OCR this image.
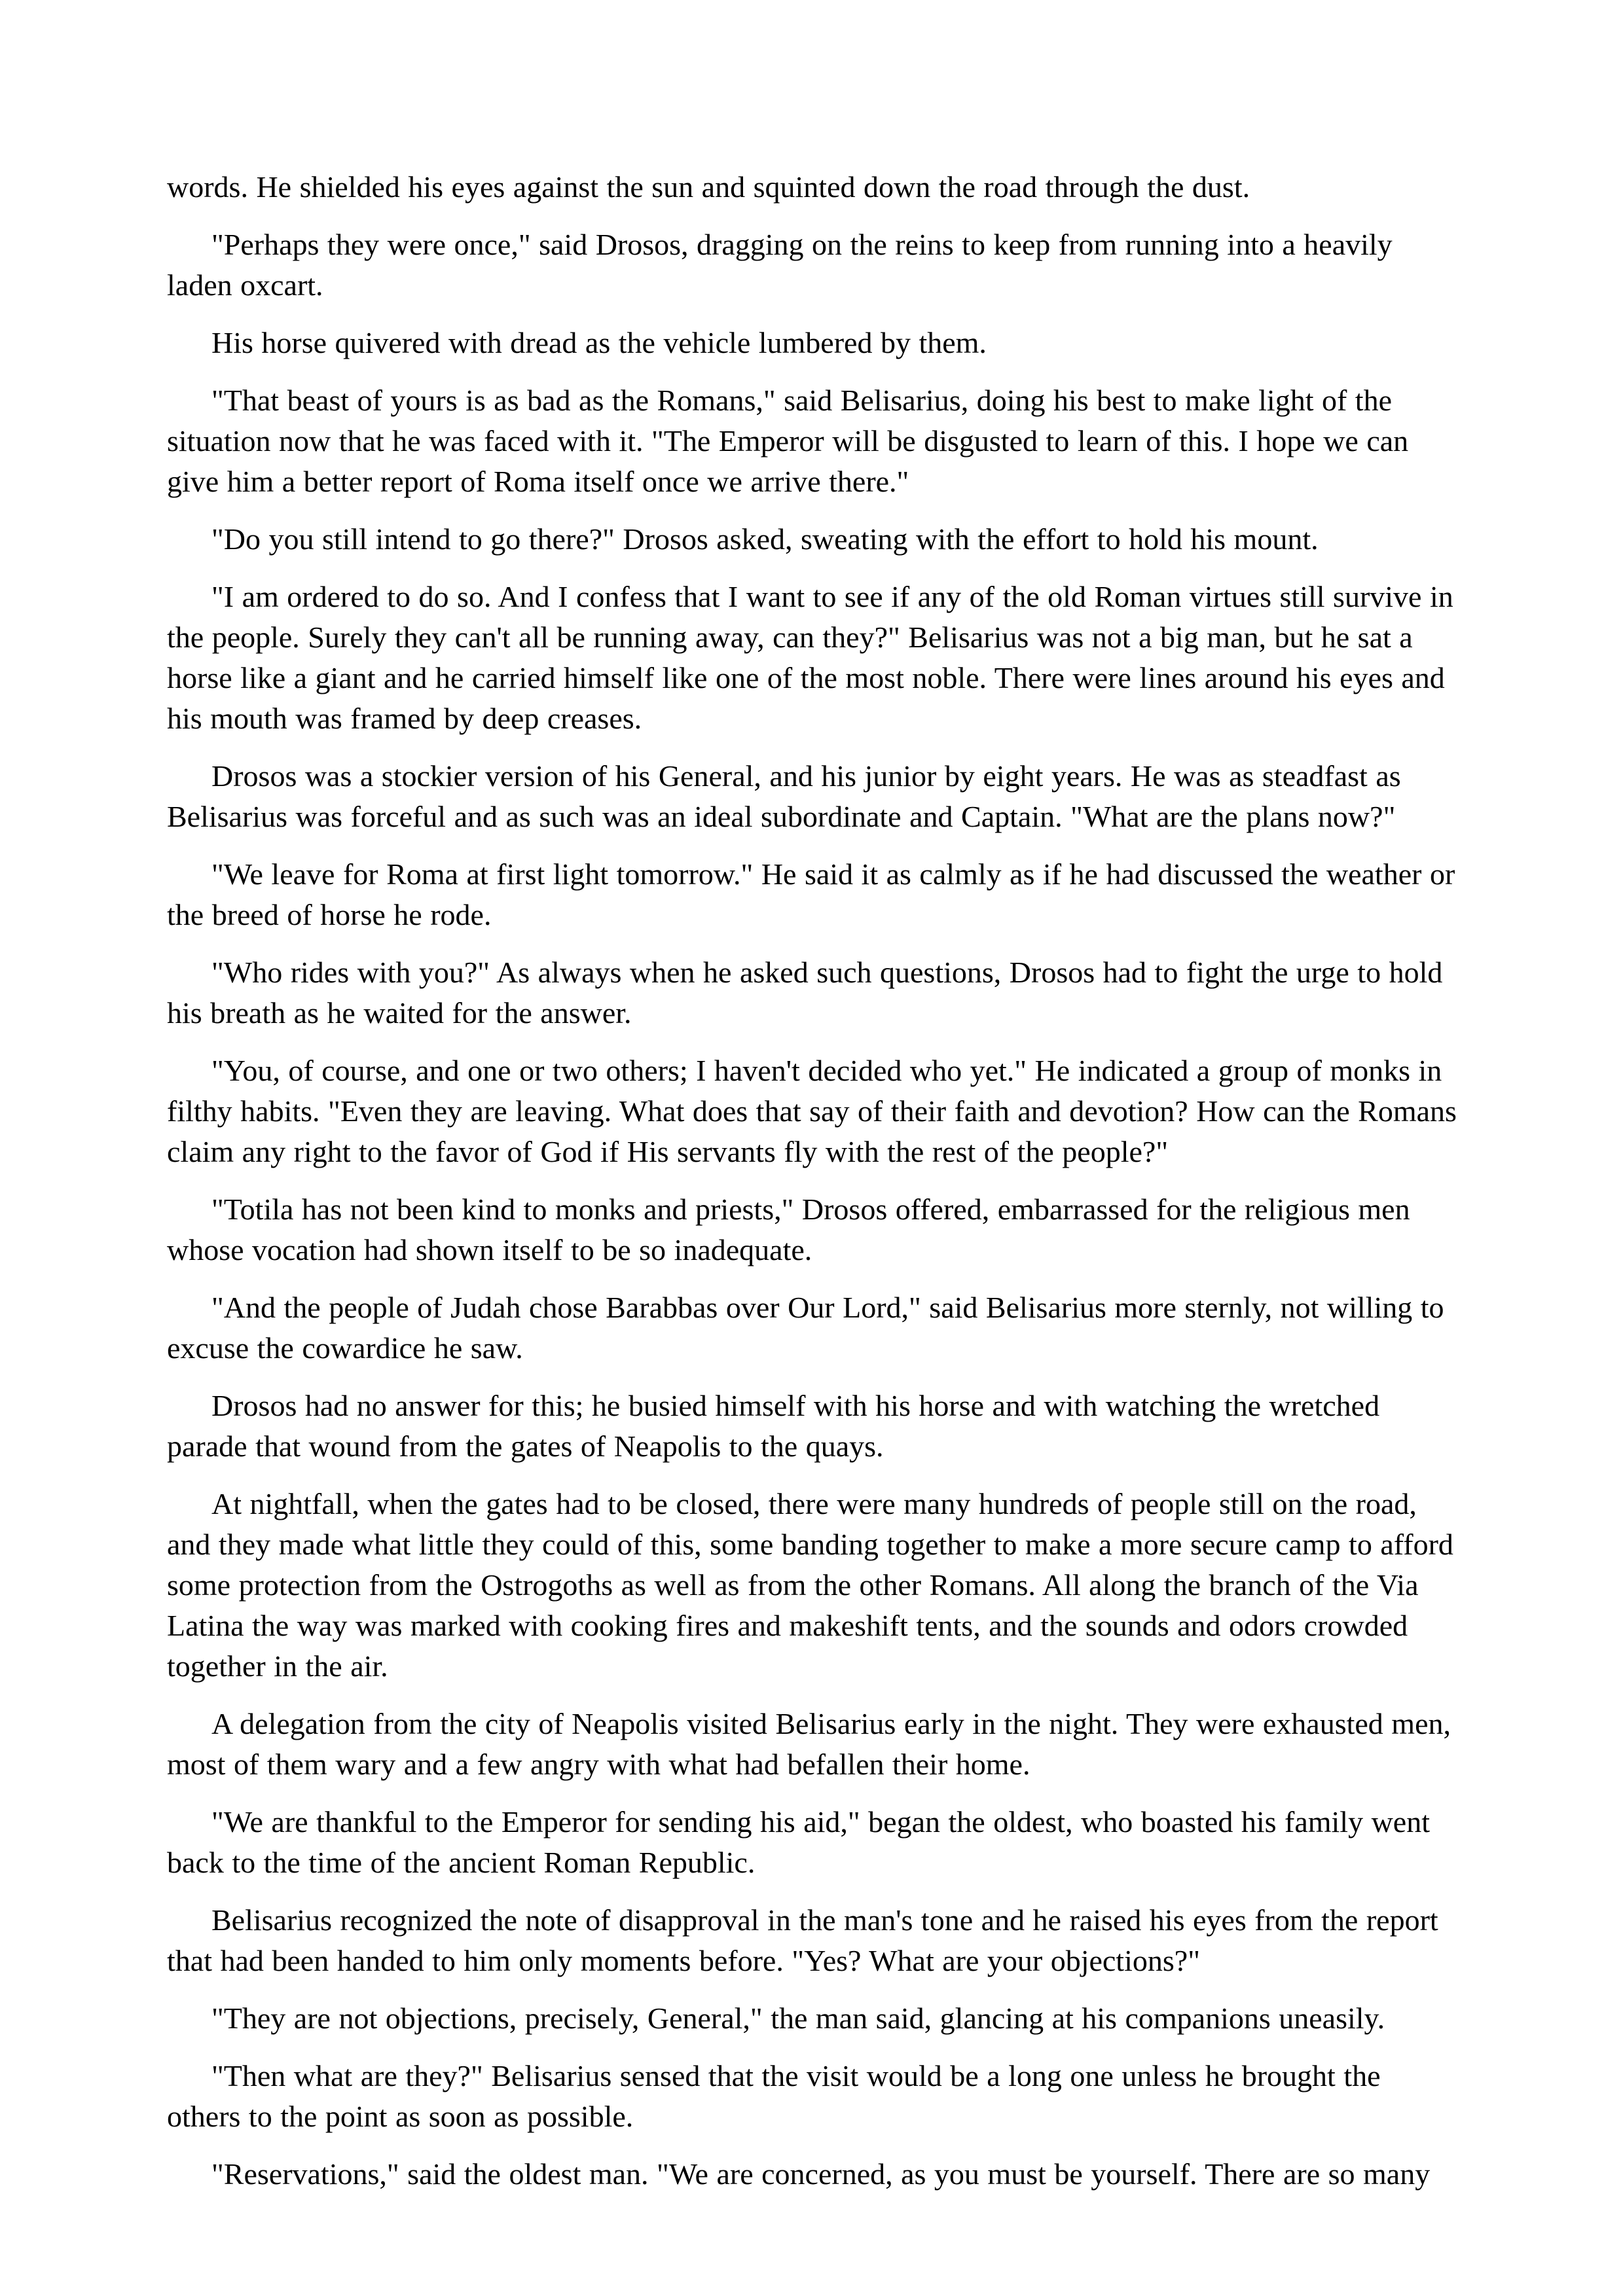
words. He shielded his eyes against the sun and squinted down the road through the dust.

"Perhaps they were once," said Drosos, dragging on the reins to keep from running into a heavily laden oxcart.

His horse quivered with dread as the vehicle lumbered by them.

"That beast of yours is as bad as the Romans," said Belisarius, doing his best to make light of the situation now that he was faced with it. "The Emperor will be disgusted to learn of this. I hope we can give him a better report of Roma itself once we arrive there."

"Do you still intend to go there?" Drosos asked, sweating with the effort to hold his mount.

"I am ordered to do so. And I confess that I want to see if any of the old Roman virtues still survive in the people. Surely they can't all be running away, can they?" Belisarius was not a big man, but he sat a horse like a giant and he carried himself like one of the most noble. There were lines around his eyes and his mouth was framed by deep creases.

Drosos was a stockier version of his General, and his junior by eight years. He was as steadfast as Belisarius was forceful and as such was an ideal subordinate and Captain. "What are the plans now?"

"We leave for Roma at first light tomorrow." He said it as calmly as if he had discussed the weather or the breed of horse he rode.

"Who rides with you?" As always when he asked such questions, Drosos had to fight the urge to hold his breath as he waited for the answer.

"You, of course, and one or two others; I haven't decided who yet." He indicated a group of monks in filthy habits. "Even they are leaving. What does that say of their faith and devotion? How can the Romans claim any right to the favor of God if His servants fly with the rest of the people?"

"Totila has not been kind to monks and priests," Drosos offered, embarrassed for the religious men whose vocation had shown itself to be so inadequate.

"And the people of Judah chose Barabbas over Our Lord," said Belisarius more sternly, not willing to excuse the cowardice he saw.

Drosos had no answer for this; he busied himself with his horse and with watching the wretched parade that wound from the gates of Neapolis to the quays.

At nightfall, when the gates had to be closed, there were many hundreds of people still on the road, and they made what little they could of this, some banding together to make a more secure camp to afford some protection from the Ostrogoths as well as from the other Romans. All along the branch of the Via Latina the way was marked with cooking fires and makeshift tents, and the sounds and odors crowded together in the air.

A delegation from the city of Neapolis visited Belisarius early in the night. They were exhausted men, most of them wary and a few angry with what had befallen their home.

"We are thankful to the Emperor for sending his aid," began the oldest, who boasted his family went back to the time of the ancient Roman Republic.

Belisarius recognized the note of disapproval in the man's tone and he raised his eyes from the report that had been handed to him only moments before. "Yes? What are your objections?"

"They are not objections, precisely, General," the man said, glancing at his companions uneasily.

"Then what are they?" Belisarius sensed that the visit would be a long one unless he brought the others to the point as soon as possible.

"Reservations," said the oldest man. "We are concerned, as you must be yourself. There are so many
